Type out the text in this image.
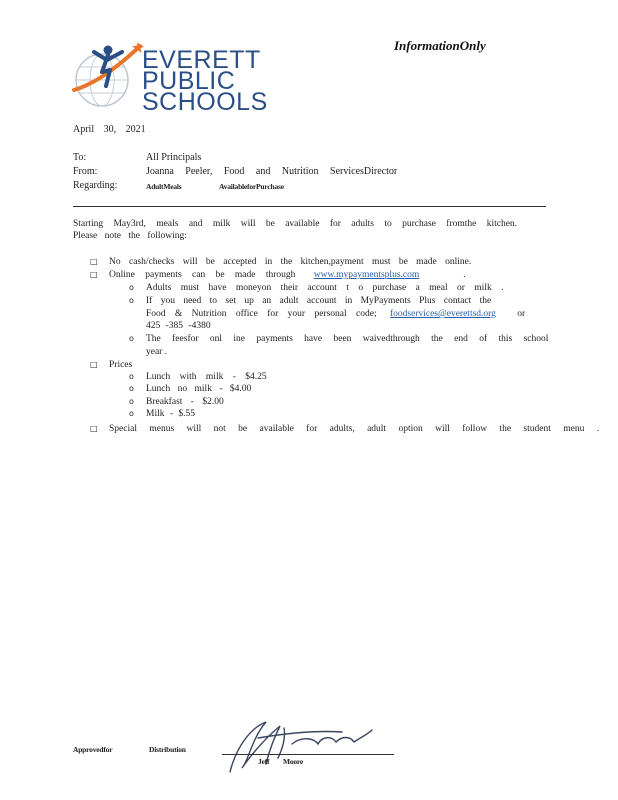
EVERETT
PUBLIC
SCHOOLS
InformationOnly
April 30, 2021
To:	All Principals
From:	Joanna Peeler, Food and Nutrition ServicesDirector
Regarding:	AdultMeals	AvailableforPurchase
Starting May3rd, meals and milk will be available for adults to purchase fromthe kitchen.
Please note the following:
□ No cash/checks will be accepted in the kitchen,payment must be made online.
□ Online payments can be made through www.mypaymentsplus.com	.
o Adults must have moneyon their account t o purchase a meal or milk .
o If you need to set up an adult account in MyPayments Plus contact the
Food & Nutrition office for your personal code; foodservices@everettsd.org or
425 -385 -4380
o The feesfor onl ine payments have been waivedthrough the end of this school
year .
□ Prices
o Lunch with milk - $4.25
o Lunch no milk - $4.00
o Breakfast - $2.00
o Milk - $.55
□ Special menus will not be available for adults, adult option will follow the student menu .
Approvedfor	Distribution
Jeff Moore
